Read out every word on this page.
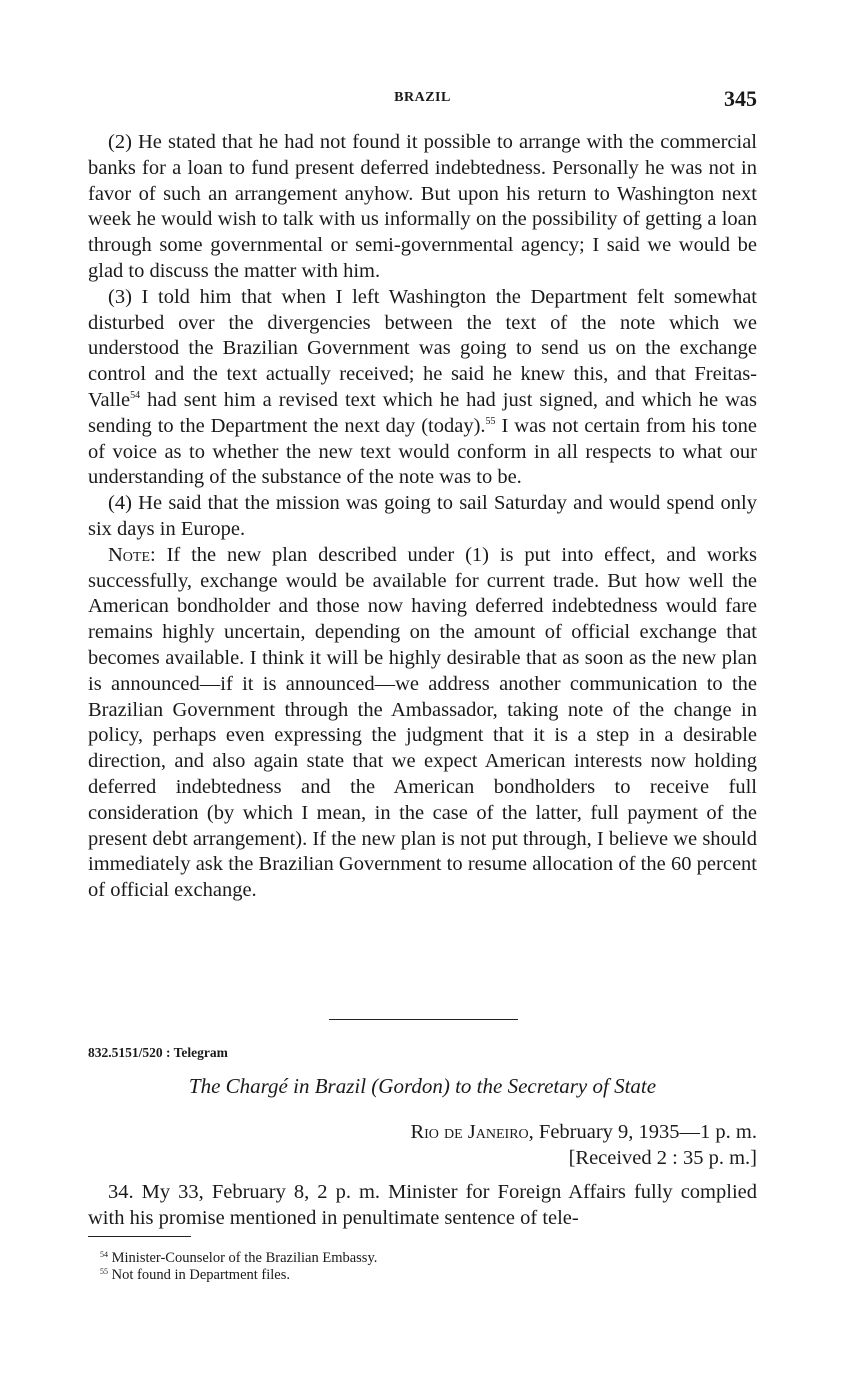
BRAZIL	345

(2) He stated that he had not found it possible to arrange with the commercial banks for a loan to fund present deferred indebtedness. Personally he was not in favor of such an arrangement anyhow. But upon his return to Washington next week he would wish to talk with us informally on the possibility of getting a loan through some governmental or semi-governmental agency; I said we would be glad to discuss the matter with him.

(3) I told him that when I left Washington the Department felt somewhat disturbed over the divergencies between the text of the note which we understood the Brazilian Government was going to send us on the exchange control and the text actually received; he said he knew this, and that Freitas-Valle$^{54}$ had sent him a revised text which he had just signed, and which he was sending to the Department the next day (today).$^{55}$ I was not certain from his tone of voice as to whether the new text would conform in all respects to what our understanding of the substance of the note was to be.

(4) He said that the mission was going to sail Saturday and would spend only six days in Europe.

Note: If the new plan described under (1) is put into effect, and works successfully, exchange would be available for current trade. But how well the American bondholder and those now having deferred indebtedness would fare remains highly uncertain, depending on the amount of official exchange that becomes available. I think it will be highly desirable that as soon as the new plan is announced—if it is announced—we address another communication to the Brazilian Government through the Ambassador, taking note of the change in policy, perhaps even expressing the judgment that it is a step in a desirable direction, and also again state that we expect American interests now holding deferred indebtedness and the American bondholders to receive full consideration (by which I mean, in the case of the latter, full payment of the present debt arrangement). If the new plan is not put through, I believe we should immediately ask the Brazilian Government to resume allocation of the 60 percent of official exchange.

832.5151/520 : Telegram
The Chargé in Brazil (Gordon) to the Secretary of State
Rio de Janeiro, February 9, 1935—1 p. m.
[Received 2 : 35 p. m.]

34. My 33, February 8, 2 p. m. Minister for Foreign Affairs fully complied with his promise mentioned in penultimate sentence of tele-

$^{54}$ Minister-Counselor of the Brazilian Embassy.
$^{55}$ Not found in Department files.
